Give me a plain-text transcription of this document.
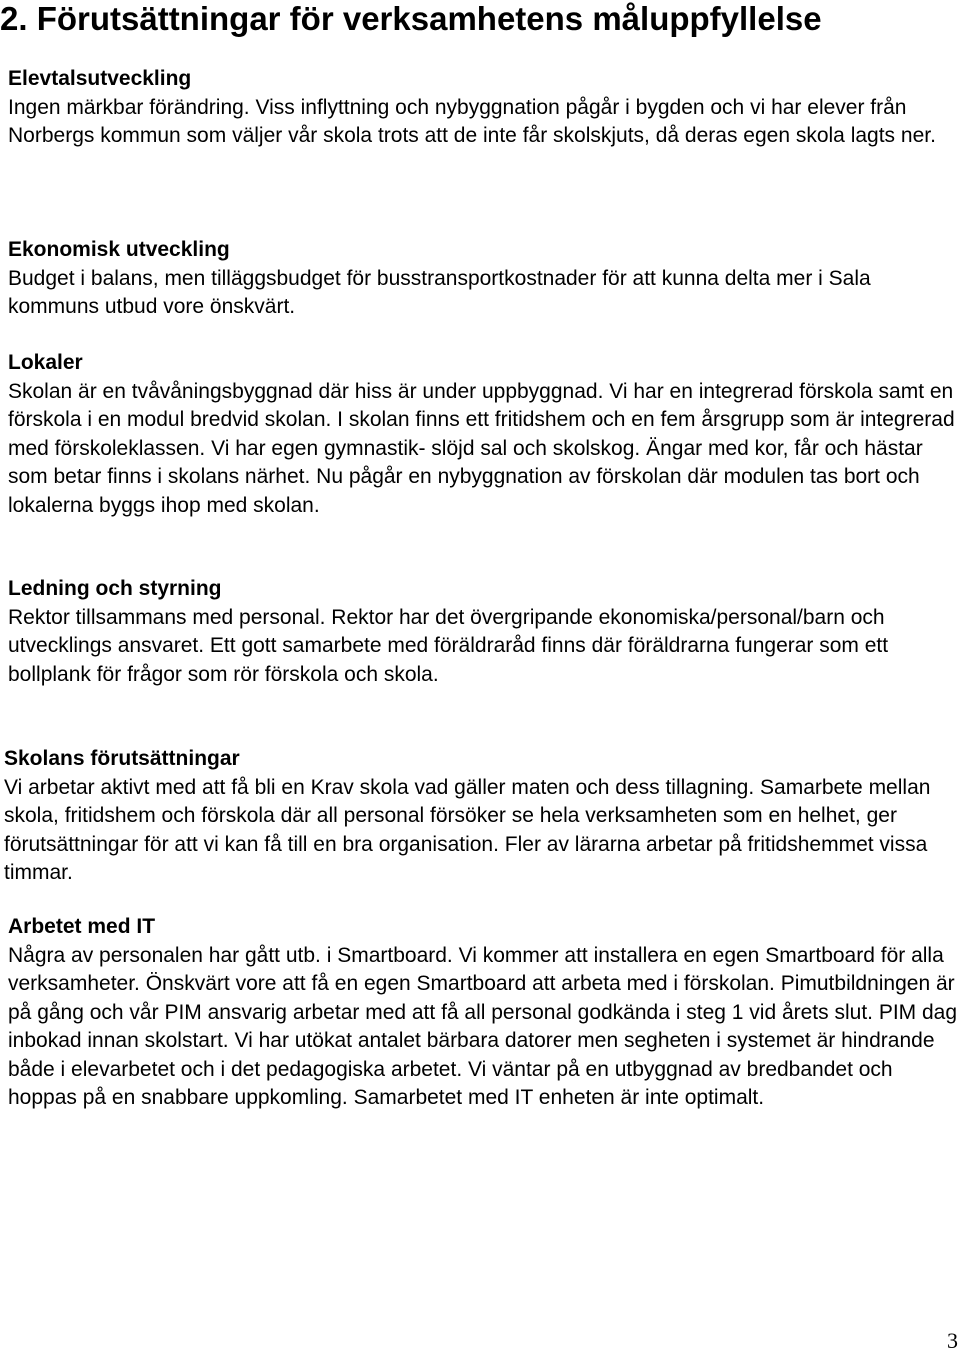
2. Förutsättningar för verksamhetens måluppfyllelse
Elevtalsutveckling

Ingen märkbar förändring. Viss inflyttning och nybyggnation pågår i bygden och vi har elever från Norbergs kommun som väljer vår skola trots att de inte får skolskjuts, då deras egen skola lagts ner.

Ekonomisk utveckling

Budget i balans, men tilläggsbudget för busstransportkostnader för att kunna delta mer i Sala kommuns utbud vore önskvärt.

Lokaler

Skolan är en tvåvåningsbyggnad där hiss är under uppbyggnad. Vi har en integrerad förskola samt en förskola i en modul bredvid skolan. I skolan finns ett fritidshem och en fem årsgrupp som är integrerad med förskoleklassen. Vi har egen gymnastik- slöjd sal och skolskog. Ängar med kor, får och hästar som betar finns i skolans närhet. Nu pågår en nybyggnation av förskolan där modulen tas bort och lokalerna byggs ihop med skolan.

Ledning och styrning

Rektor tillsammans med personal. Rektor har det övergripande ekonomiska/personal/barn och utvecklings ansvaret. Ett gott samarbete med föräldraråd finns där föräldrarna fungerar som ett bollplank för frågor som rör förskola och skola.

Skolans förutsättningar

Vi arbetar aktivt med att få bli en Krav skola vad gäller maten och dess tillagning. Samarbete mellan skola, fritidshem och förskola där all personal försöker se hela verksamheten som en helhet, ger förutsättningar för att vi kan få till en bra organisation. Fler av lärarna arbetar på fritidshemmet vissa timmar.

Arbetet med IT

Några av personalen har gått utb. i Smartboard. Vi kommer att installera en egen Smartboard för alla verksamheter. Önskvärt vore att få en egen Smartboard att arbeta med i förskolan. Pimutbildningen är på gång och vår PIM ansvarig arbetar med att få all personal godkända i steg 1 vid årets slut. PIM dag inbokad innan skolstart. Vi har utökat antalet bärbara datorer men segheten i systemet är hindrande både i elevarbetet och i det pedagogiska arbetet. Vi väntar på en utbyggnad av bredbandet och hoppas på en snabbare uppkomling. Samarbetet med IT enheten är inte optimalt.

3
